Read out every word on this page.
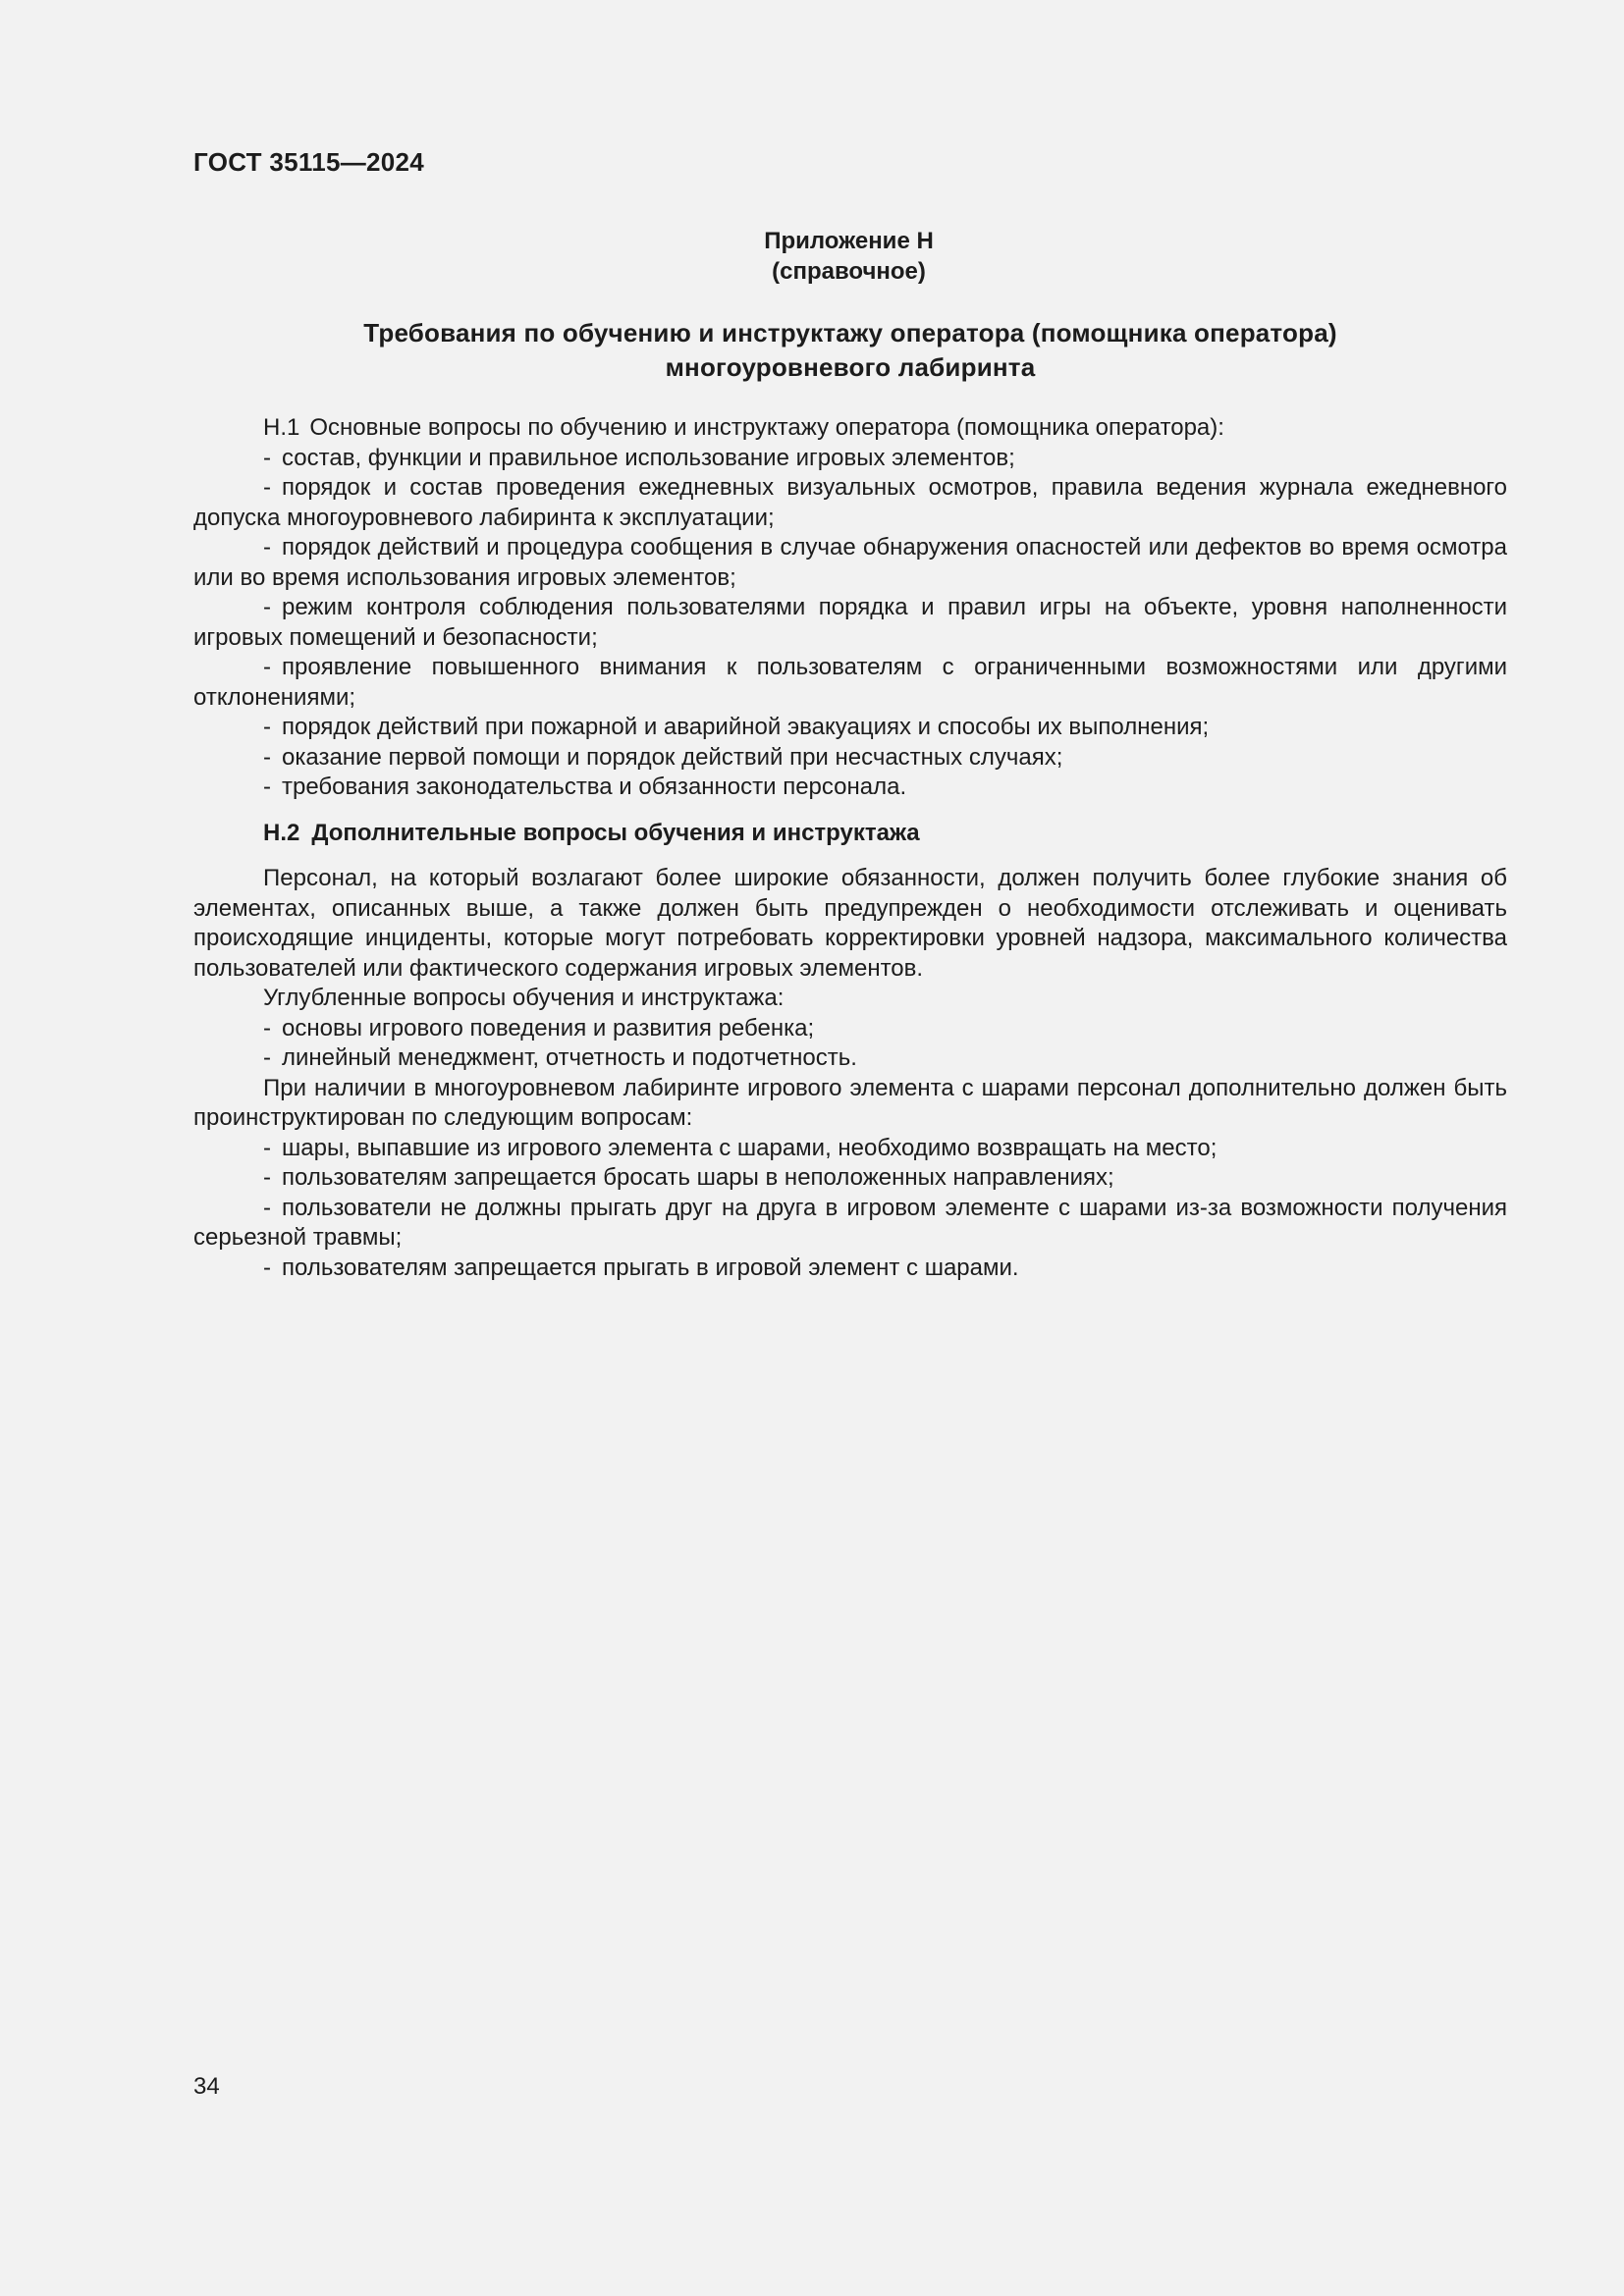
ГОСТ 35115—2024
Приложение Н
(справочное)
Требования по обучению и инструктажу оператора (помощника оператора)
многоуровневого лабиринта

Н.1 Основные вопросы по обучению и инструктажу оператора (помощника оператора):

- состав, функции и правильное использование игровых элементов;

- порядок и состав проведения ежедневных визуальных осмотров, правила ведения журнала ежедневного допуска многоуровневого лабиринта к эксплуатации;

- порядок действий и процедура сообщения в случае обнаружения опасностей или дефектов во время осмотра или во время использования игровых элементов;

- режим контроля соблюдения пользователями порядка и правил игры на объекте, уровня наполненности игровых помещений и безопасности;

- проявление повышенного внимания к пользователям с ограниченными возможностями или другими отклонениями;

- порядок действий при пожарной и аварийной эвакуациях и способы их выполнения;

- оказание первой помощи и порядок действий при несчастных случаях;

- требования законодательства и обязанности персонала.

Н.2 Дополнительные вопросы обучения и инструктажа

Персонал, на который возлагают более широкие обязанности, должен получить более глубокие знания об элементах, описанных выше, а также должен быть предупрежден о необходимости отслеживать и оценивать происходящие инциденты, которые могут потребовать корректировки уровней надзора, максимального количества пользователей или фактического содержания игровых элементов.

Углубленные вопросы обучения и инструктажа:

- основы игрового поведения и развития ребенка;

- линейный менеджмент, отчетность и подотчетность.

При наличии в многоуровневом лабиринте игрового элемента с шарами персонал дополнительно должен быть проинструктирован по следующим вопросам:

- шары, выпавшие из игрового элемента с шарами, необходимо возвращать на место;

- пользователям запрещается бросать шары в неположенных направлениях;

- пользователи не должны прыгать друг на друга в игровом элементе с шарами из-за возможности получения серьезной травмы;

- пользователям запрещается прыгать в игровой элемент с шарами.

34
